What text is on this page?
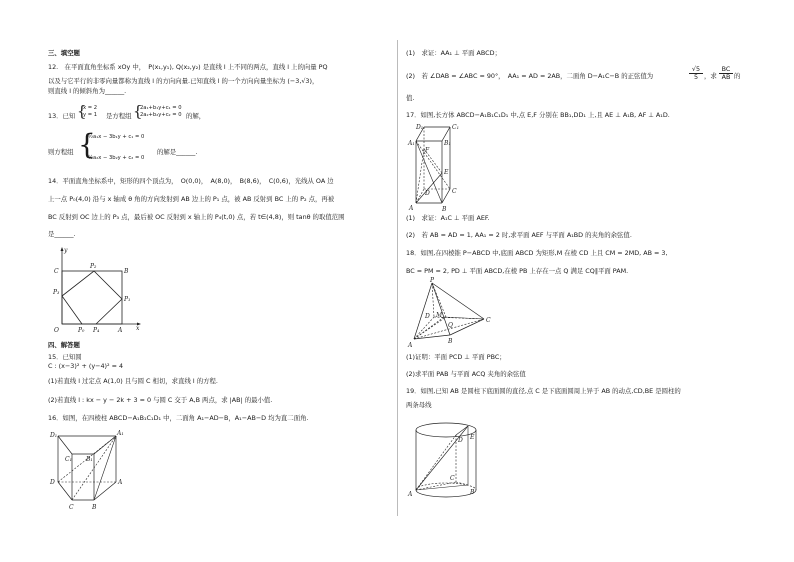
三、填空题
12.　在平面直角坐标系 xOy 中，　P(x₁,y₁), Q(x₂,y₂) 是直线 l 上不同的两点，直线 l 上的向量 PQ
以及与它平行的非零向量都称为直线 l 的方向向量.已知直线 l 的一个方向向量坐标为 (−3,√3)，
则直线 l 的倾斜角为______.
13．已知 {
x = 2
y = 1 是方程组 {
2a₁+b₁y+c₁ = 0
2a₂+b₂y+c₂ = 0 的解，
则方程组 {
½a₁x − 3b₁y + c₁ = 0
½a₂x − 3b₂y + c₂ = 0
的解是______.
14．平面直角坐标系中，矩形的四个顶点为，　O(0,0)，　A(8,0)，　B(8,6)，　C(0,6)，光线从 OA 边
上一点 P₀(4,0) 沿与 x 轴成 θ 角的方向发射到 AB 边上的 P₁ 点，被 AB 反射到 BC 上的 P₂ 点，再被
BC 反射到 OC 边上的 P₃ 点，最后被 OC 反射到 x 轴上的 P₄(t,0) 点，若 t∈(4,8)，则 tanθ 的取值范围
是______.
y
C	B
P₂
P₃
P₁
O	P₀ P₄	A x
四、解答题
15．已知圆
C : (x−3)² + (y−4)² = 4
(1)若直线 l 过定点 A(1,0) 且与圆 C 相切，求直线 l 的方程.
(2)若直线 l : kx − y − 2k + 3 = 0 与圆 C 交于 A,B 两点，求 |AB| 的最小值.
16．如图，在四棱柱 ABCD−A₁B₁C₁D₁ 中，二面角 A₁−AD−B，A₁−AB−D 均为直二面角.
D₁	A₁
C₁ B₁
D	A
C	B
(1)　求证：AA₁ ⊥ 平面 ABCD；
(2)　若 ∠DAB = ∠ABC = 90°，　AA₁ = AD = 2AB，二面角 D−A₁C−B 的正弦值为
√5
5 ，求
BC
AB 的
值.
17．如图,长方体 ABCD−A₁B₁C₁D₁ 中,点 E,F 分别在 BB₁,DD₁ 上,且 AE ⊥ A₁B, AF ⊥ A₁D.
D₁	C₁
A₁	B₁
F
E
D	C
A	B
(1)　求证：A₁C ⊥ 平面 AEF.
(2)　若 AB = AD = 1, AA₁ = 2 时,求平面 AEF 与平面 A₁BD 的夹角的余弦值.
18．如图,在四棱锥 P−ABCD 中,底面 ABCD 为矩形,M 在棱 CD 上且 CM = 2MD, AB = 3,
BC = PM = 2, PD ⊥ 平面 ABCD,在棱 PB 上存在一点 Q 满足 CQ∥平面 PAM.
P
D M
Q
C
A
B
(1)证明：平面 PCD ⊥ 平面 PBC；
(2)求平面 PAB 与平面 ACQ 夹角的余弦值
19．如图,已知 AB 是圆柱下底面圆的直径,点 C 是下底面圆周上异于 AB 的动点,CD,BE 是圆柱的
两条母线
D E
C
A	B
